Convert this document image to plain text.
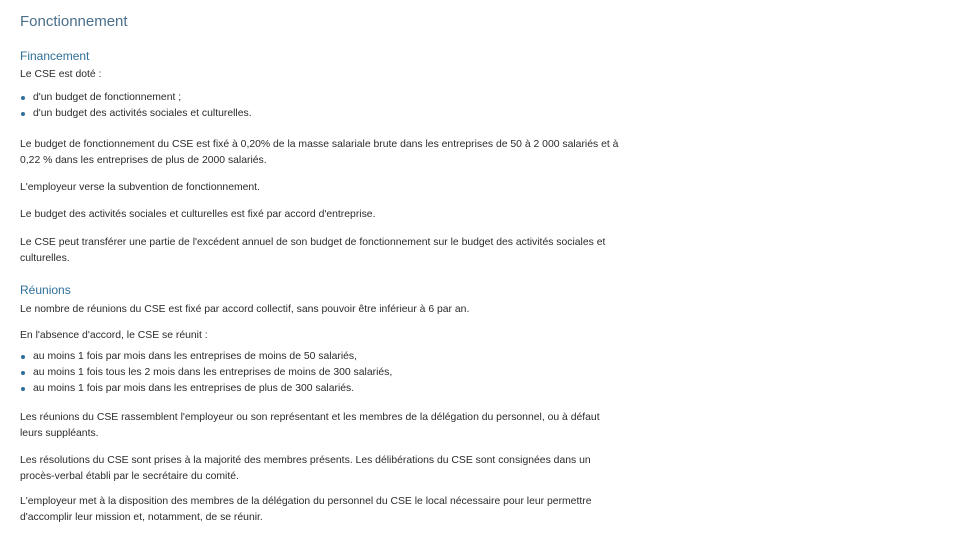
Fonctionnement
Financement
Le CSE est doté :
d'un budget de fonctionnement ;
d'un budget des activités sociales et culturelles.
Le budget de fonctionnement du CSE est fixé à 0,20% de la masse salariale brute dans les entreprises de 50 à 2 000 salariés et à 0,22 % dans les entreprises de plus de 2000 salariés.
L'employeur verse la subvention de fonctionnement.
Le budget des activités sociales et culturelles est fixé par accord d'entreprise.
Le CSE peut transférer une partie de l'excédent annuel de son budget de fonctionnement sur le budget des activités sociales et culturelles.
Réunions
Le nombre de réunions du CSE est fixé par accord collectif, sans pouvoir être inférieur à 6 par an.
En l'absence d'accord, le CSE se réunit :
au moins 1 fois par mois dans les entreprises de moins de 50 salariés,
au moins 1 fois tous les 2 mois dans les entreprises de moins de 300 salariés,
au moins 1 fois par mois dans les entreprises de plus de 300 salariés.
Les réunions du CSE rassemblent l'employeur ou son représentant et les membres de la délégation du personnel, ou à défaut leurs suppléants.
Les résolutions du CSE sont prises à la majorité des membres présents. Les délibérations du CSE sont consignées dans un procès-verbal établi par le secrétaire du comité.
L'employeur met à la disposition des membres de la délégation du personnel du CSE le local nécessaire pour leur permettre d'accomplir leur mission et, notamment, de se réunir.
